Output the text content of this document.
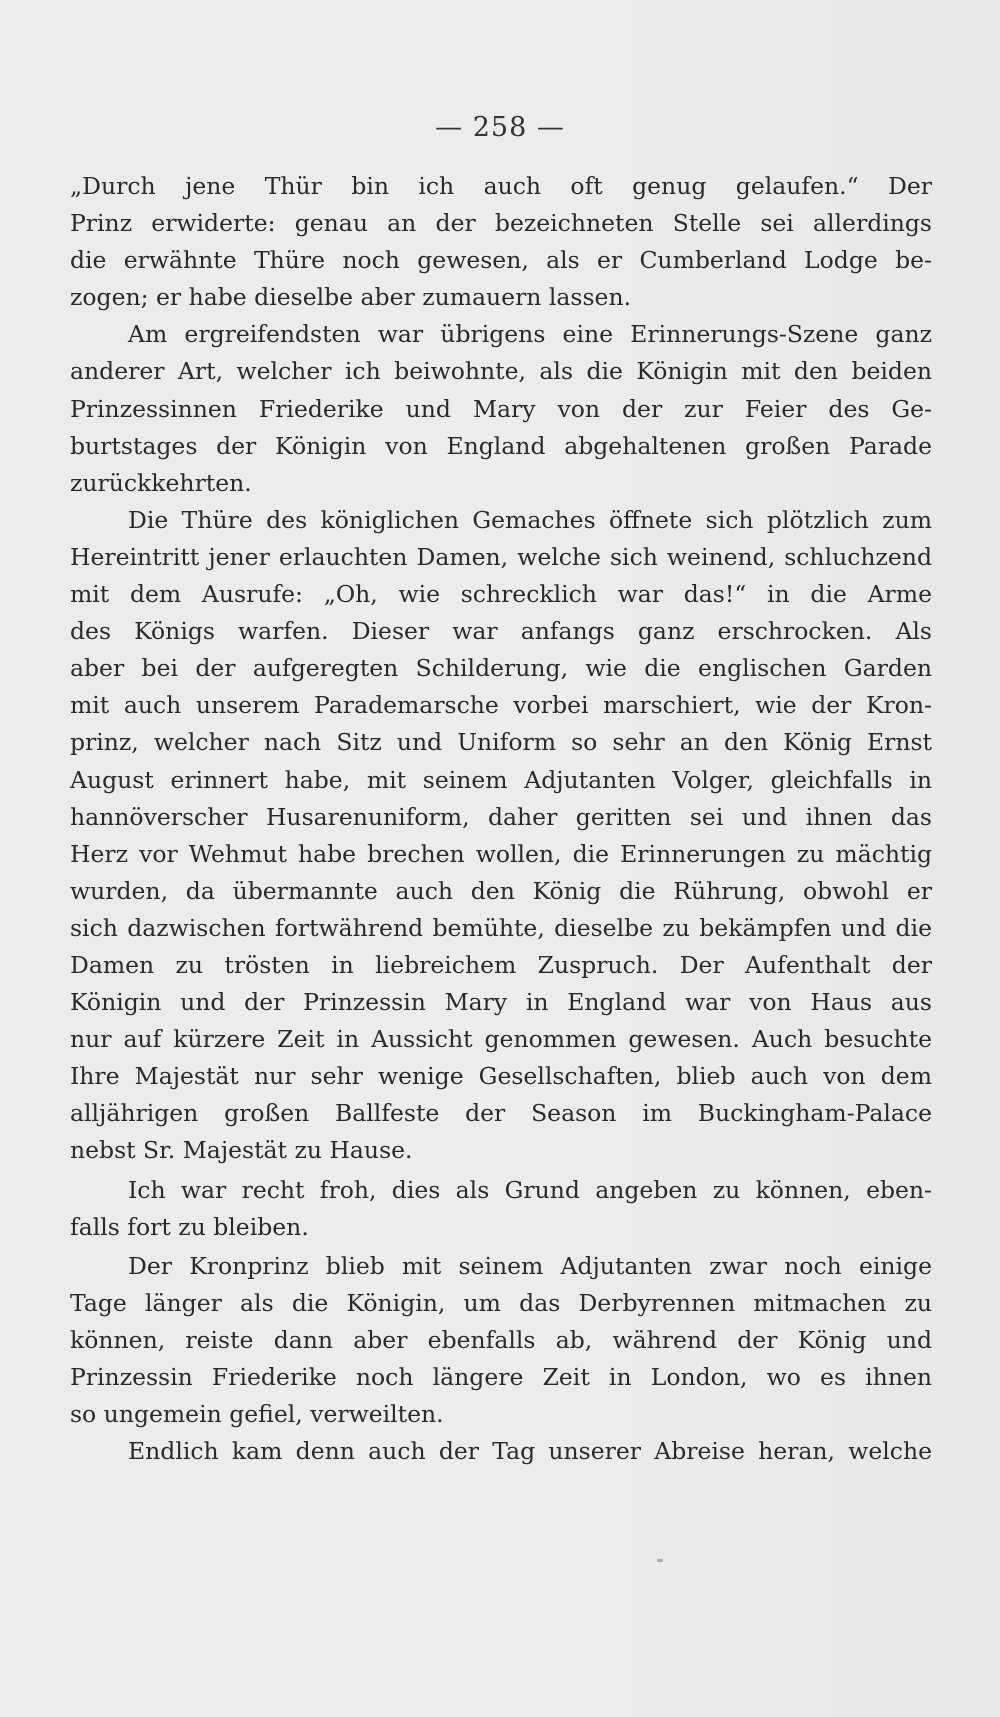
— 258 —
„Durch jene Thür bin ich auch oft genug gelaufen.“ Der
Prinz erwiderte: genau an der bezeichneten Stelle sei allerdings
die erwähnte Thüre noch gewesen, als er Cumberland Lodge be-
zogen; er habe dieselbe aber zumauern lassen.
Am ergreifendsten war übrigens eine Erinnerungs-Szene ganz
anderer Art, welcher ich beiwohnte, als die Königin mit den beiden
Prinzessinnen Friederike und Mary von der zur Feier des Ge-
burtstages der Königin von England abgehaltenen großen Parade
zurückkehrten.
Die Thüre des königlichen Gemaches öffnete sich plötzlich zum
Hereintritt jener erlauchten Damen, welche sich weinend, schluchzend
mit dem Ausrufe: „Oh, wie schrecklich war das!“ in die Arme
des Königs warfen. Dieser war anfangs ganz erschrocken. Als
aber bei der aufgeregten Schilderung, wie die englischen Garden
mit auch unserem Parademarsche vorbei marschiert, wie der Kron-
prinz, welcher nach Sitz und Uniform so sehr an den König Ernst
August erinnert habe, mit seinem Adjutanten Volger, gleichfalls in
hannöverscher Husarenuniform, daher geritten sei und ihnen das
Herz vor Wehmut habe brechen wollen, die Erinnerungen zu mächtig
wurden, da übermannte auch den König die Rührung, obwohl er
sich dazwischen fortwährend bemühte, dieselbe zu bekämpfen und die
Damen zu trösten in liebreichem Zuspruch. Der Aufenthalt der
Königin und der Prinzessin Mary in England war von Haus aus
nur auf kürzere Zeit in Aussicht genommen gewesen. Auch besuchte
Ihre Majestät nur sehr wenige Gesellschaften, blieb auch von dem
alljährigen großen Ballfeste der Season im Buckingham-Palace
nebst Sr. Majestät zu Hause.
Ich war recht froh, dies als Grund angeben zu können, eben-
falls fort zu bleiben.
Der Kronprinz blieb mit seinem Adjutanten zwar noch einige
Tage länger als die Königin, um das Derbyrennen mitmachen zu
können, reiste dann aber ebenfalls ab, während der König und
Prinzessin Friederike noch längere Zeit in London, wo es ihnen
so ungemein gefiel, verweilten.
Endlich kam denn auch der Tag unserer Abreise heran, welche
